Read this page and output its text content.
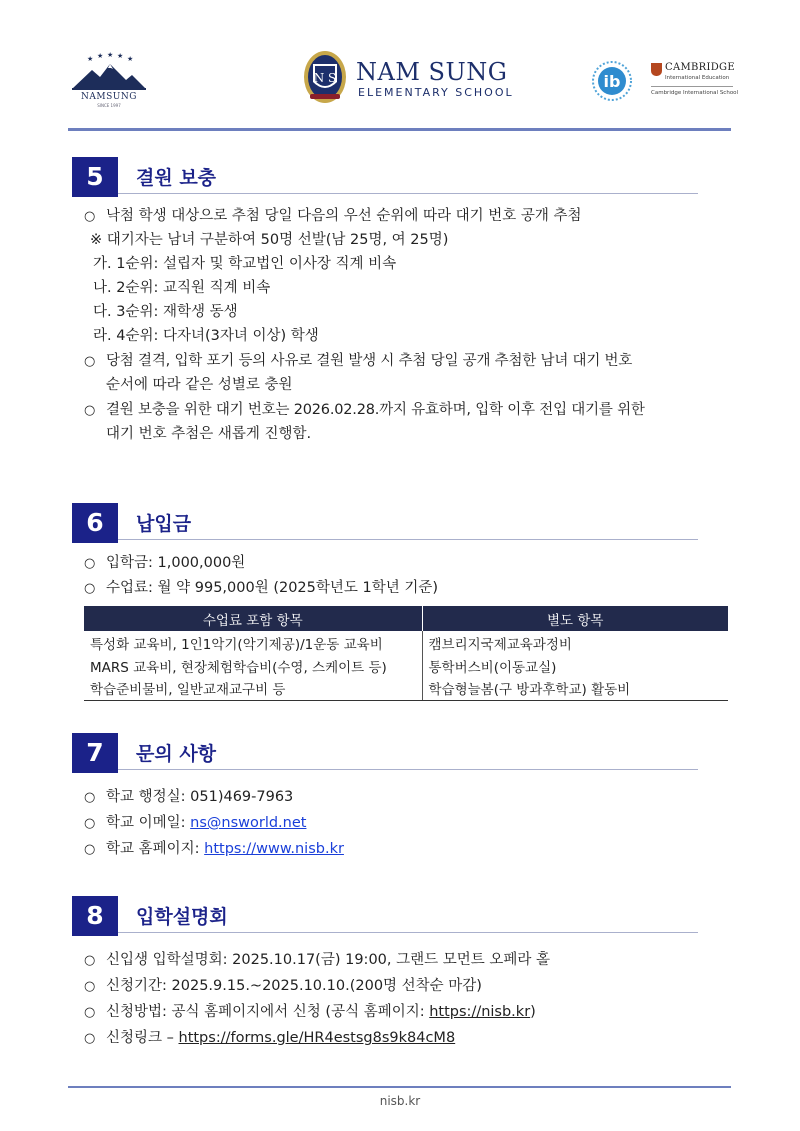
★ ★ ★ ★ ★
NAMSUNG
SINCE 1997
N S NAM SUNG
ELEMENTARY SCHOOL
ib
CAMBRIDGE
International Education
Cambridge International School
5	결원 보충
○ 낙첨 학생 대상으로 추첨 당일 다음의 우선 순위에 따라 대기 번호 공개 추첨
※ 대기자는 남녀 구분하여 50명 선발(남 25명, 여 25명)
가. 1순위: 설립자 및 학교법인 이사장 직계 비속
나. 2순위: 교직원 직계 비속
다. 3순위: 재학생 동생
라. 4순위: 다자녀(3자녀 이상) 학생
○ 당첨 결격, 입학 포기 등의 사유로 결원 발생 시 추첨 당일 공개 추첨한 남녀 대기 번호
순서에 따라 같은 성별로 충원
○ 결원 보충을 위한 대기 번호는 2026.02.28.까지 유효하며, 입학 이후 전입 대기를 위한
대기 번호 추첨은 새롭게 진행함.
6	납입금
○ 입학금: 1,000,000원
○ 수업료: 월 약 995,000원 (2025학년도 1학년 기준)
수업료 포함 항목	별도 항목
특성화 교육비, 1인1악기(악기제공)/1운동 교육비	캠브리지국제교육과정비
MARS 교육비, 현장체험학습비(수영, 스케이트 등)	통학버스비(이동교실)
학습준비물비, 일반교재교구비 등	학습형늘봄(구 방과후학교) 활동비
7	문의 사항
○ 학교 행정실: 051)469-7963
○ 학교 이메일: ns@nsworld.net
○ 학교 홈페이지: https://www.nisb.kr
8	입학설명회
○ 신입생 입학설명회: 2025.10.17(금) 19:00, 그랜드 모먼트 오페라 홀
○ 신청기간: 2025.9.15.~2025.10.10.(200명 선착순 마감)
○ 신청방법: 공식 홈페이지에서 신청 (공식 홈페이지: https://nisb.kr)
○ 신청링크 – https://forms.gle/HR4estsg8s9k84cM8
nisb.kr
